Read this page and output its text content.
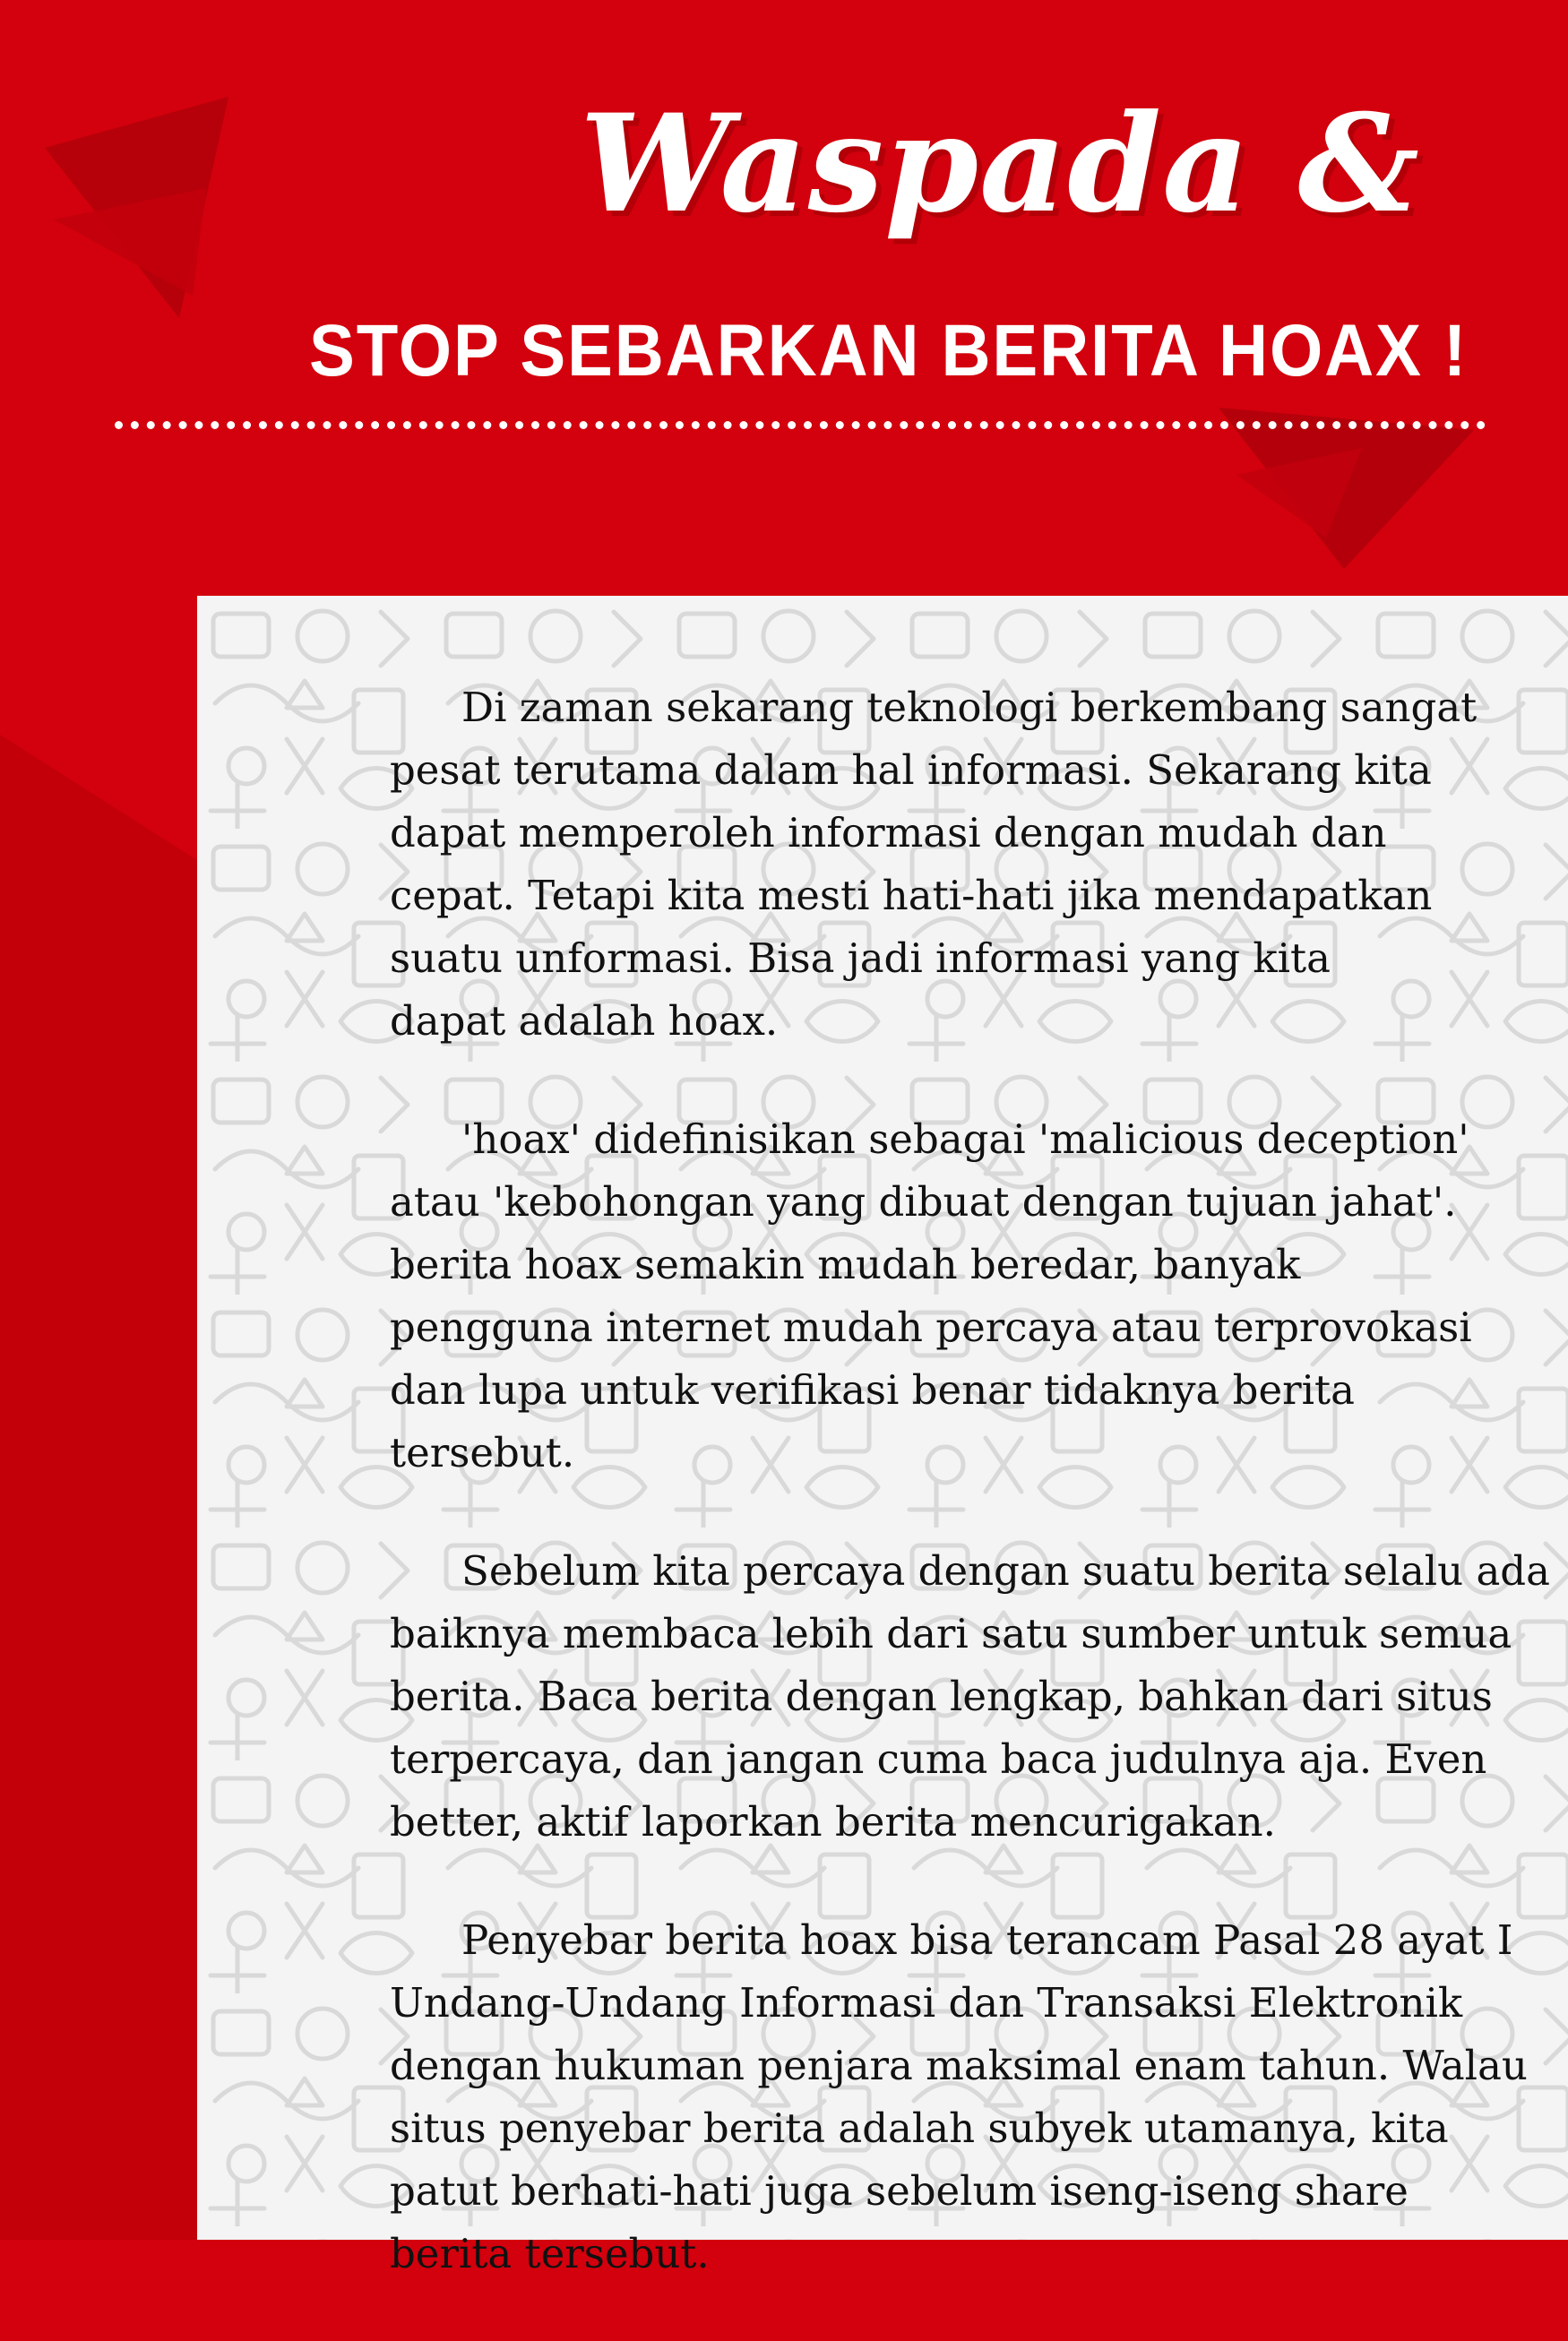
Waspada &
STOP SEBARKAN BERITA HOAX !
Di zaman sekarang teknologi berkembang sangat
pesat terutama dalam hal informasi. Sekarang kita
dapat memperoleh informasi dengan mudah dan
cepat. Tetapi kita mesti hati-hati jika mendapatkan
suatu unformasi. Bisa jadi informasi yang kita
dapat adalah hoax.
'hoax' didefinisikan sebagai 'malicious deception'
atau 'kebohongan yang dibuat dengan tujuan jahat'.
berita hoax semakin mudah beredar, banyak
pengguna internet mudah percaya atau terprovokasi
dan lupa untuk verifikasi benar tidaknya berita
tersebut.
Sebelum kita percaya dengan suatu berita selalu ada
baiknya membaca lebih dari satu sumber untuk semua
berita. Baca berita dengan lengkap, bahkan dari situs
terpercaya, dan jangan cuma baca judulnya aja. Even
better, aktif laporkan berita mencurigakan.
Penyebar berita hoax bisa terancam Pasal 28 ayat I
Undang-Undang Informasi dan Transaksi Elektronik
dengan hukuman penjara maksimal enam tahun. Walau
situs penyebar berita adalah subyek utamanya, kita
patut berhati-hati juga sebelum iseng-iseng share
berita tersebut.
